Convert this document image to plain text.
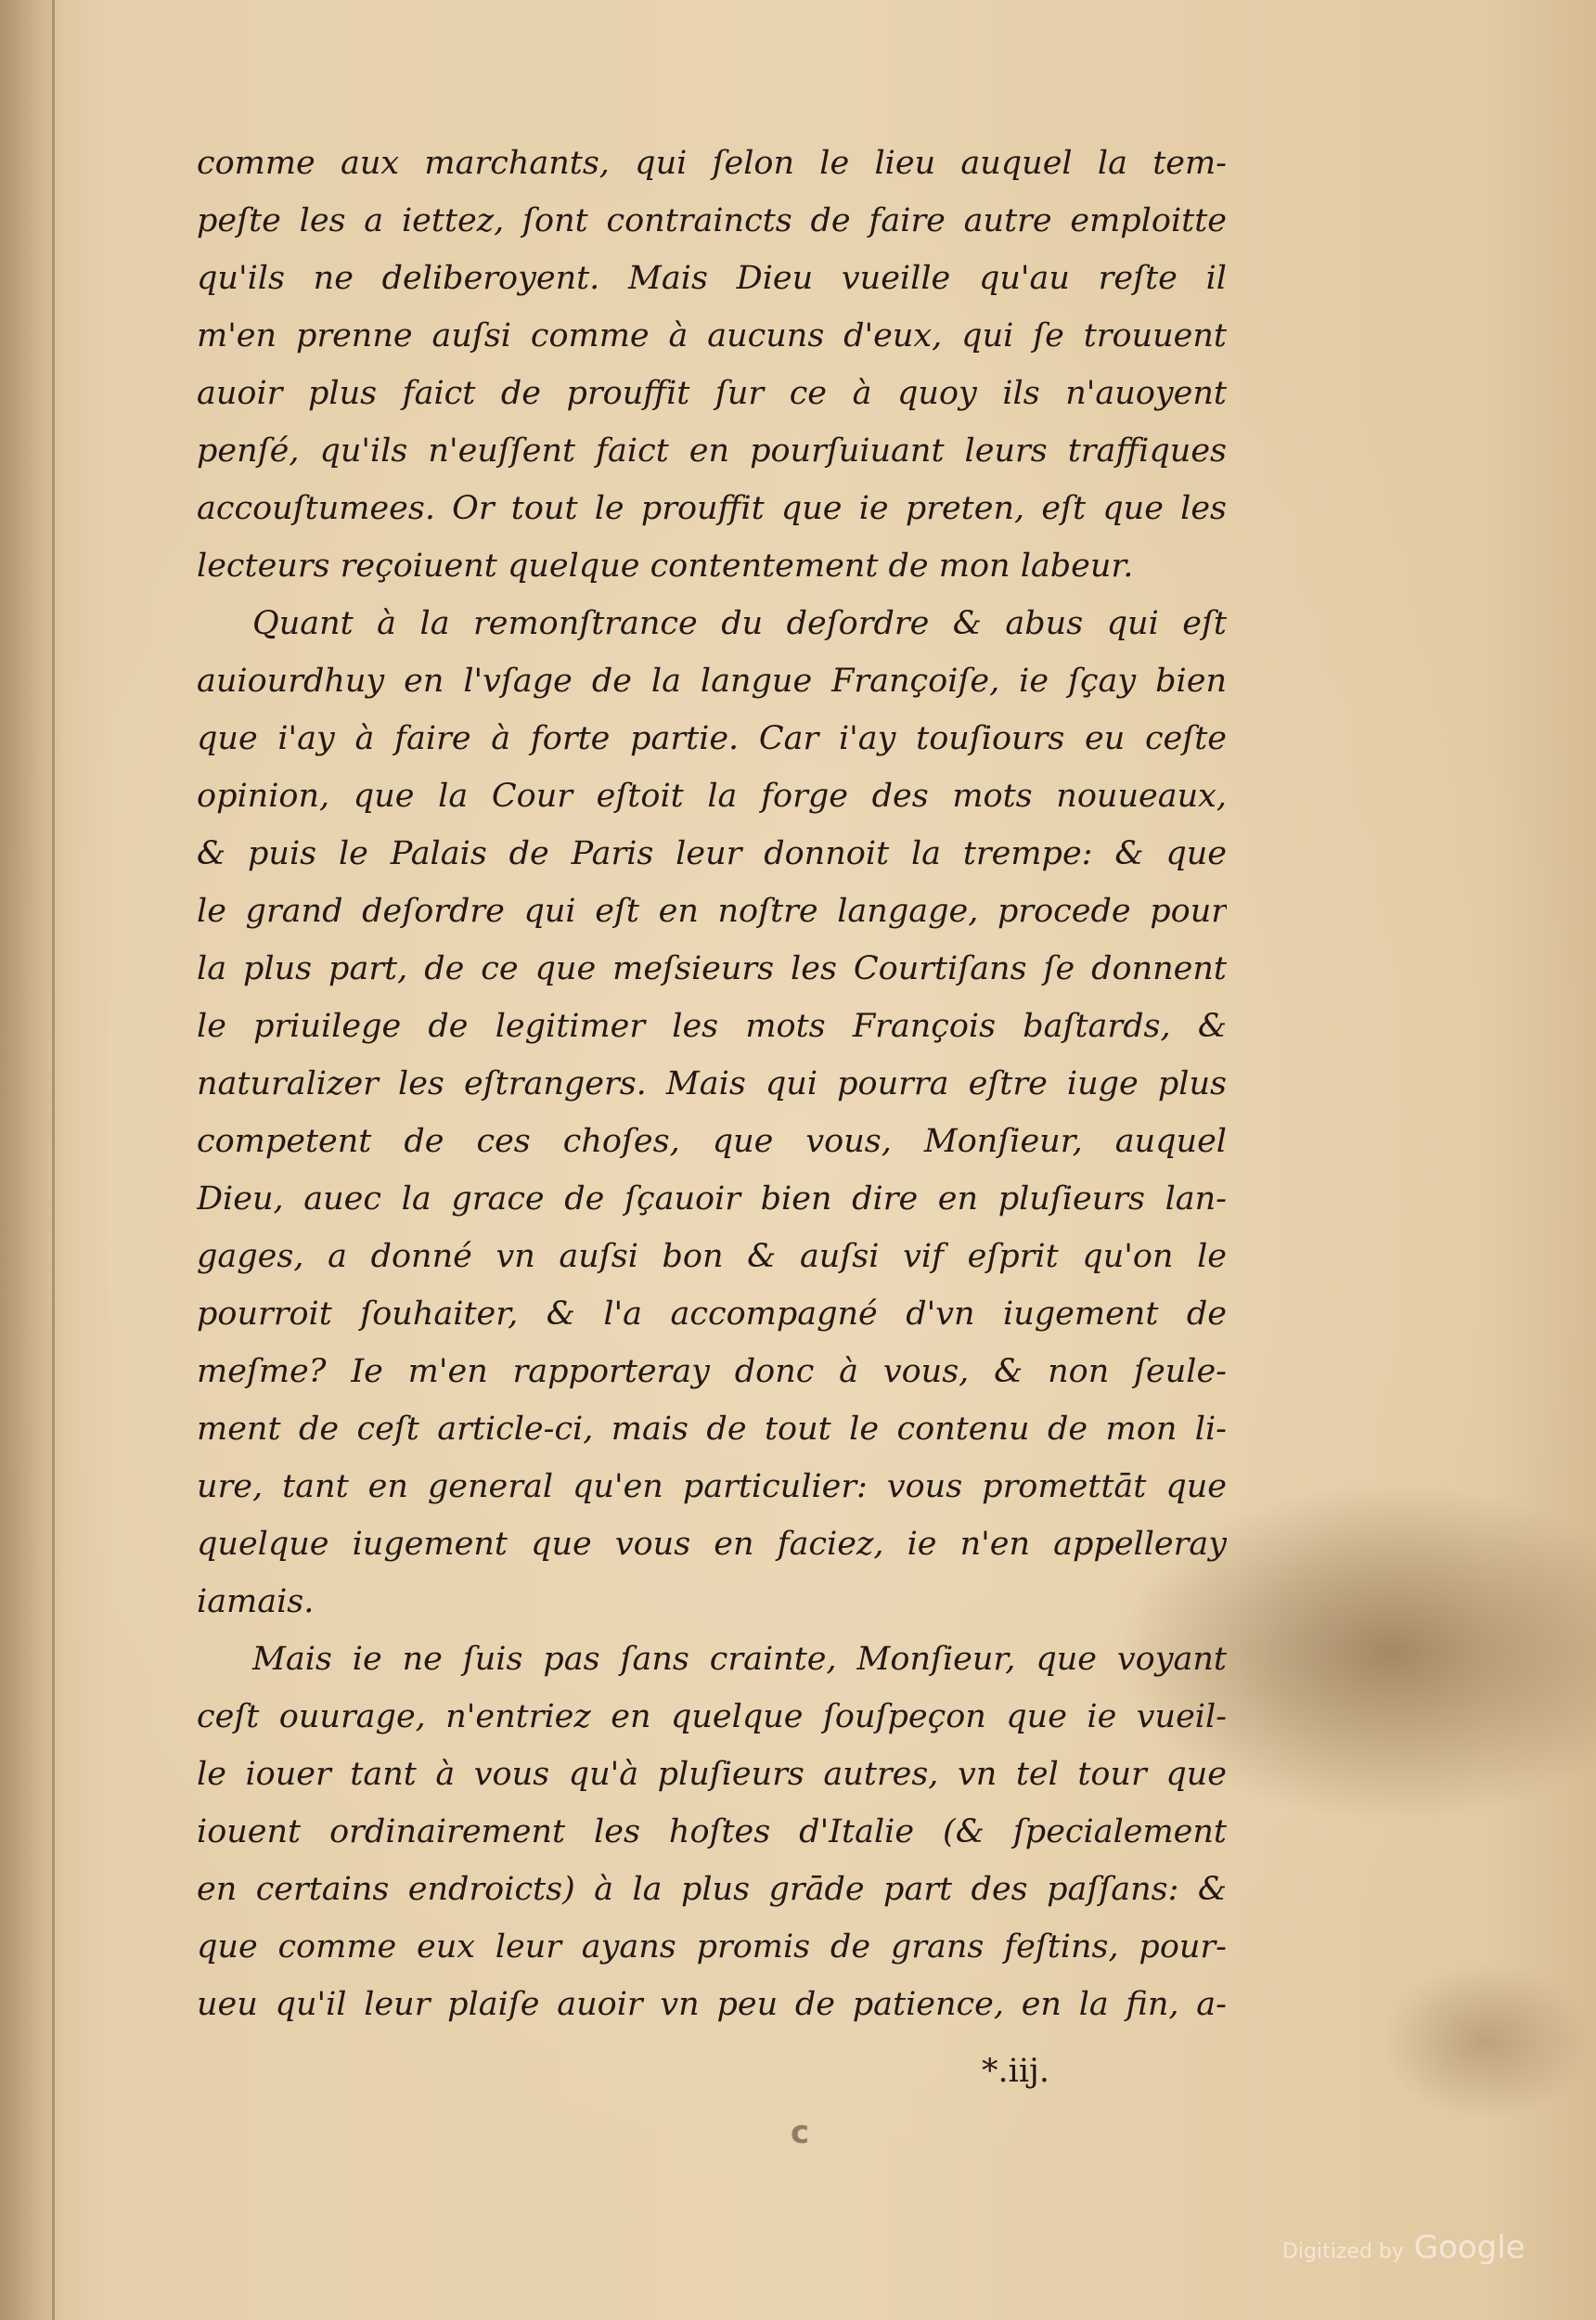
comme aux marchants, qui ſelon le lieu auquel la tem-
peſte les a iettez, ſont contraincts de faire autre emploitte
qu'ils ne deliberoyent. Mais Dieu vueille qu'au reſte il
m'en prenne auſsi comme à aucuns d'eux, qui ſe trouuent
auoir plus faict de prouffit ſur ce à quoy ils n'auoyent
penſé, qu'ils n'euſſent faict en pourſuiuant leurs traffiques
accouſtumees. Or tout le prouffit que ie preten, eſt que les
lecteurs reçoiuent quelque contentement de mon labeur.
Quant à la remonſtrance du deſordre & abus qui eſt
auiourdhuy en l'vſage de la langue Françoiſe, ie ſçay bien
que i'ay à faire à forte partie. Car i'ay touſiours eu ceſte
opinion, que la Cour eſtoit la forge des mots nouueaux,
& puis le Palais de Paris leur donnoit la trempe: & que
le grand deſordre qui eſt en noſtre langage, procede pour
la plus part, de ce que meſsieurs les Courtiſans ſe donnent
le priuilege de legitimer les mots François baſtards, &
naturalizer les eſtrangers. Mais qui pourra eſtre iuge plus
competent de ces choſes, que vous, Monſieur, auquel
Dieu, auec la grace de ſçauoir bien dire en pluſieurs lan-
gages, a donné vn auſsi bon & auſsi vif eſprit qu'on le
pourroit ſouhaiter, & l'a accompagné d'vn iugement de
meſme? Ie m'en rapporteray donc à vous, & non ſeule-
ment de ceſt article-ci, mais de tout le contenu de mon li-
ure, tant en general qu'en particulier: vous promettāt que
quelque iugement que vous en faciez, ie n'en appelleray
iamais.
Mais ie ne ſuis pas ſans crainte, Monſieur, que voyant
ceſt ouurage, n'entriez en quelque ſouſpeçon que ie vueil-
le iouer tant à vous qu'à pluſieurs autres, vn tel tour que
iouent ordinairement les hoſtes d'Italie (& ſpecialement
en certains endroicts) à la plus grāde part des paſſans: &
que comme eux leur ayans promis de grans feſtins, pour-
ueu qu'il leur plaiſe auoir vn peu de patience, en la fin, a-
*.iij.
c
Digitized by Google
